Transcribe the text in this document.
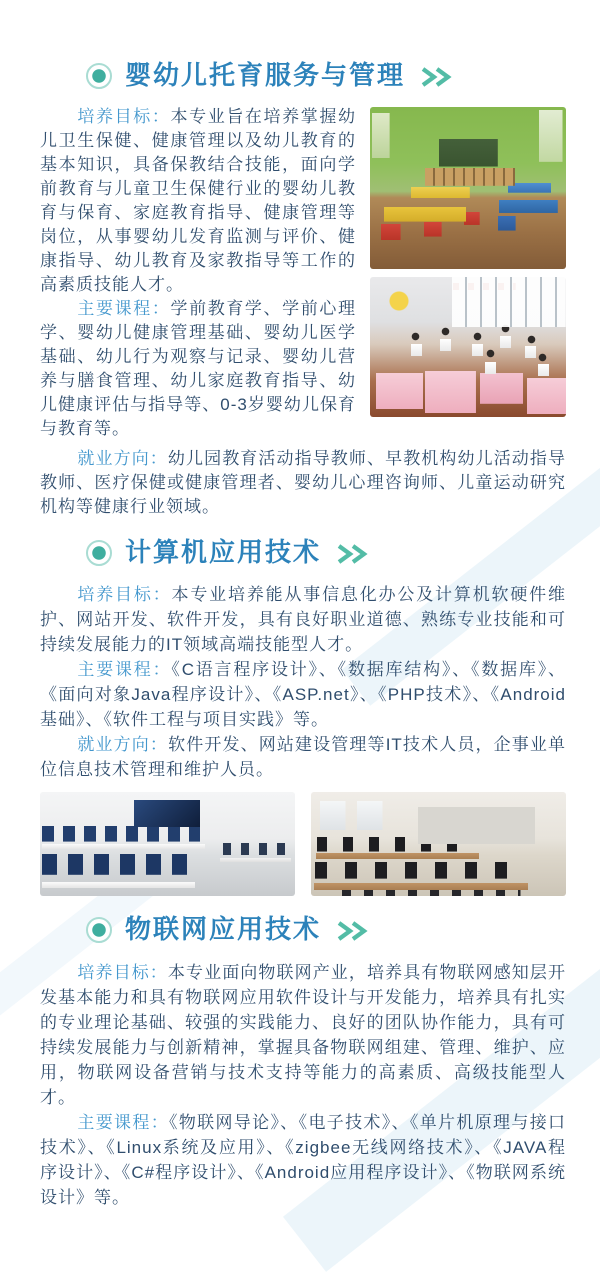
婴幼儿托育服务与管理

培养目标：本专业旨在培养掌握幼儿卫生保健、健康管理以及幼儿教育的基本知识，具备保教结合技能，面向学前教育与儿童卫生保健行业的婴幼儿教育与保育、家庭教育指导、健康管理等岗位，从事婴幼儿发育监测与评价、健康指导、幼儿教育及家教指导等工作的高素质技能人才。

主要课程：学前教育学、学前心理学、婴幼儿健康管理基础、婴幼儿医学基础、幼儿行为观察与记录、婴幼儿营养与膳食管理、幼儿家庭教育指导、幼儿健康评估与指导等、0-3岁婴幼儿保育与教育等。

就业方向：幼儿园教育活动指导教师、早教机构幼儿活动指导教师、医疗保健或健康管理者、婴幼儿心理咨询师、儿童运动研究机构等健康行业领域。

计算机应用技术

培养目标：本专业培养能从事信息化办公及计算机软硬件维护、网站开发、软件开发，具有良好职业道德、熟练专业技能和可持续发展能力的IT领域高端技能型人才。

主要课程：《C语言程序设计》、《数据库结构》、《数据库》、《面向对象Java程序设计》、《ASP.net》、《PHP技术》、《Android基础》、《软件工程与项目实践》等。

就业方向：软件开发、网站建设管理等IT技术人员，企事业单位信息技术管理和维护人员。

物联网应用技术

培养目标：本专业面向物联网产业，培养具有物联网感知层开发基本能力和具有物联网应用软件设计与开发能力，培养具有扎实的专业理论基础、较强的实践能力、良好的团队协作能力，具有可持续发展能力与创新精神，掌握具备物联网组建、管理、维护、应用，物联网设备营销与技术支持等能力的高素质、高级技能型人才。

主要课程：《物联网导论》、《电子技术》、《单片机原理与接口技术》、《Linux系统及应用》、《zigbee无线网络技术》、《JAVA程序设计》、《C#程序设计》、《Android应用程序设计》、《物联网系统设计》等。
